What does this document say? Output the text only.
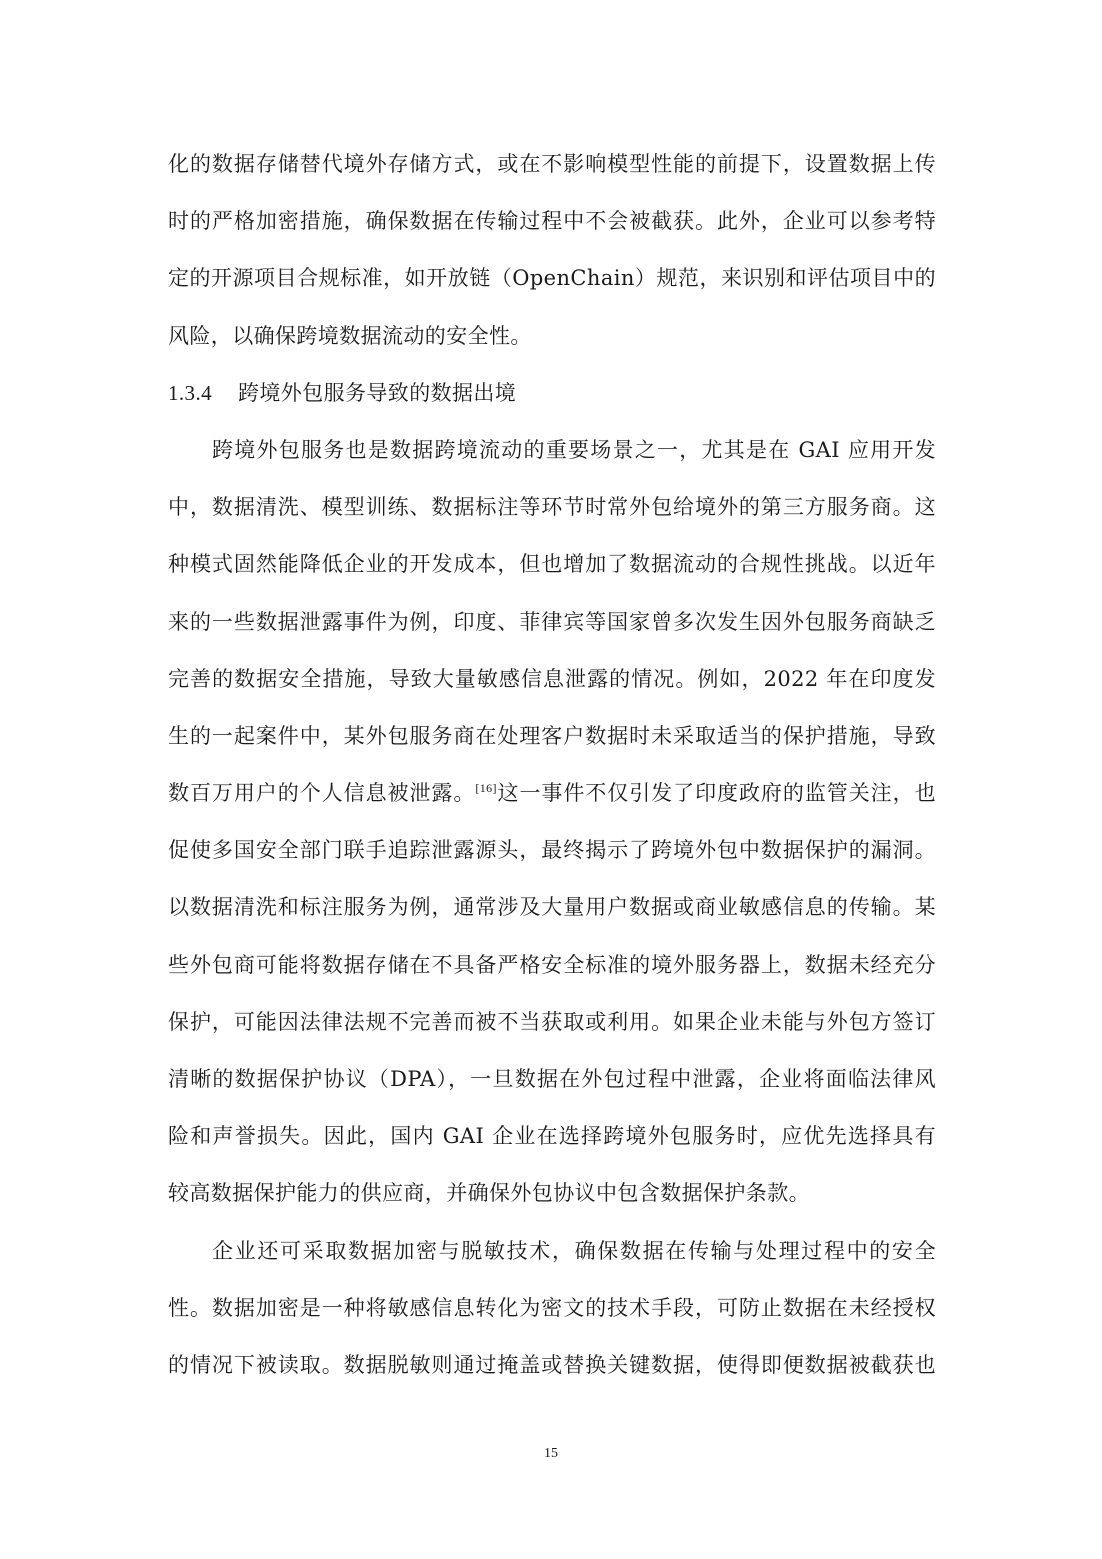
化的数据存储替代境外存储方式，或在不影响模型性能的前提下，设置数据上传
时的严格加密措施，确保数据在传输过程中不会被截获。此外，企业可以参考特
定的开源项目合规标准，如开放链（OpenChain）规范，来识别和评估项目中的
风险，以确保跨境数据流动的安全性。
1.3.4 跨境外包服务导致的数据出境
跨境外包服务也是数据跨境流动的重要场景之一，尤其是在 GAI 应用开发
中，数据清洗、模型训练、数据标注等环节时常外包给境外的第三方服务商。这
种模式固然能降低企业的开发成本，但也增加了数据流动的合规性挑战。以近年
来的一些数据泄露事件为例，印度、菲律宾等国家曾多次发生因外包服务商缺乏
完善的数据安全措施，导致大量敏感信息泄露的情况。例如，2022 年在印度发
生的一起案件中，某外包服务商在处理客户数据时未采取适当的保护措施，导致
数百万用户的个人信息被泄露。[16]这一事件不仅引发了印度政府的监管关注，也
促使多国安全部门联手追踪泄露源头，最终揭示了跨境外包中数据保护的漏洞。
以数据清洗和标注服务为例，通常涉及大量用户数据或商业敏感信息的传输。某
些外包商可能将数据存储在不具备严格安全标准的境外服务器上，数据未经充分
保护，可能因法律法规不完善而被不当获取或利用。如果企业未能与外包方签订
清晰的数据保护协议（DPA），一旦数据在外包过程中泄露，企业将面临法律风
险和声誉损失。因此，国内 GAI 企业在选择跨境外包服务时，应优先选择具有
较高数据保护能力的供应商，并确保外包协议中包含数据保护条款。
企业还可采取数据加密与脱敏技术，确保数据在传输与处理过程中的安全
性。数据加密是一种将敏感信息转化为密文的技术手段，可防止数据在未经授权
的情况下被读取。数据脱敏则通过掩盖或替换关键数据，使得即便数据被截获也
15
